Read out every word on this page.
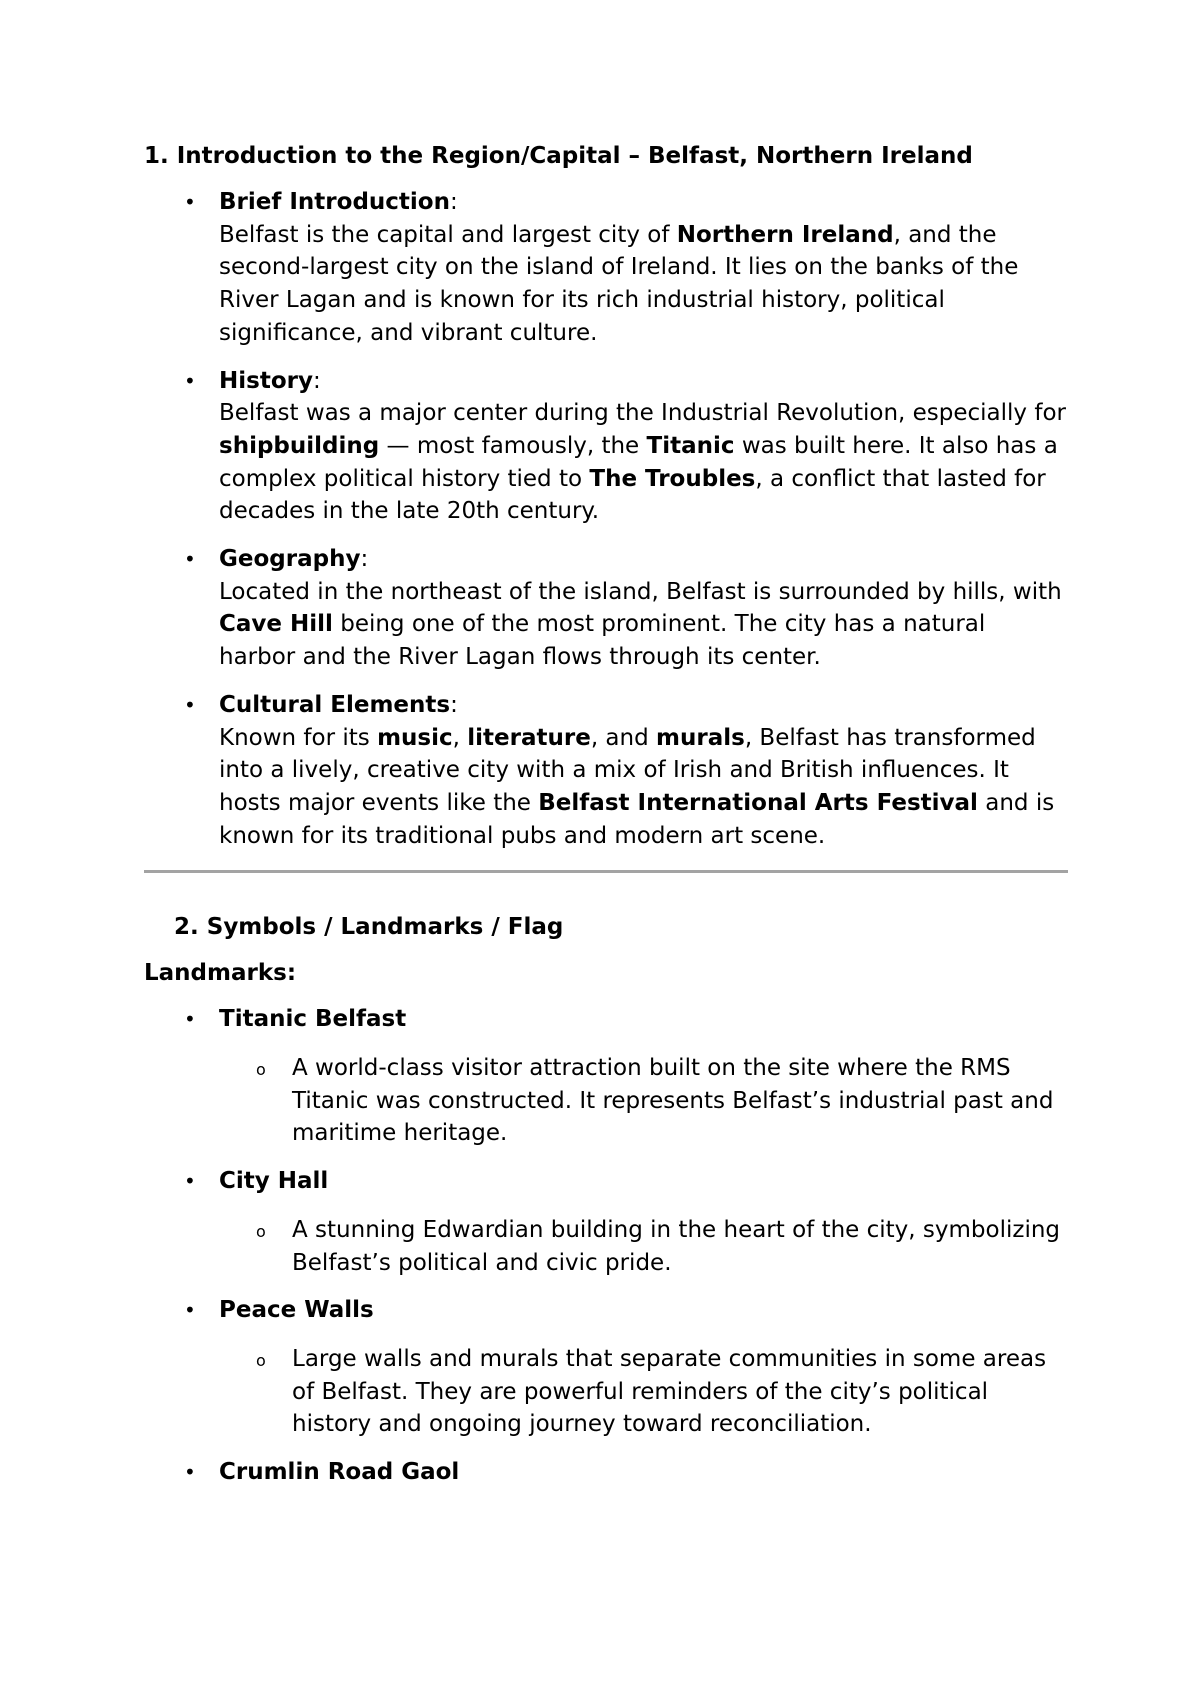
1. Introduction to the Region/Capital – Belfast, Northern Ireland
• Brief Introduction:
Belfast is the capital and largest city of Northern Ireland, and the second-largest city on the island of Ireland. It lies on the banks of the River Lagan and is known for its rich industrial history, political significance, and vibrant culture.
• History:
Belfast was a major center during the Industrial Revolution, especially for shipbuilding — most famously, the Titanic was built here. It also has a complex political history tied to The Troubles, a conflict that lasted for decades in the late 20th century.
• Geography:
Located in the northeast of the island, Belfast is surrounded by hills, with Cave Hill being one of the most prominent. The city has a natural harbor and the River Lagan flows through its center.
• Cultural Elements:
Known for its music, literature, and murals, Belfast has transformed into a lively, creative city with a mix of Irish and British influences. It hosts major events like the Belfast International Arts Festival and is known for its traditional pubs and modern art scene.
2. Symbols / Landmarks / Flag
Landmarks:
• Titanic Belfast
o A world-class visitor attraction built on the site where the RMS Titanic was constructed. It represents Belfast’s industrial past and maritime heritage.
• City Hall
o A stunning Edwardian building in the heart of the city, symbolizing Belfast’s political and civic pride.
• Peace Walls
o Large walls and murals that separate communities in some areas of Belfast. They are powerful reminders of the city’s political history and ongoing journey toward reconciliation.
• Crumlin Road Gaol
